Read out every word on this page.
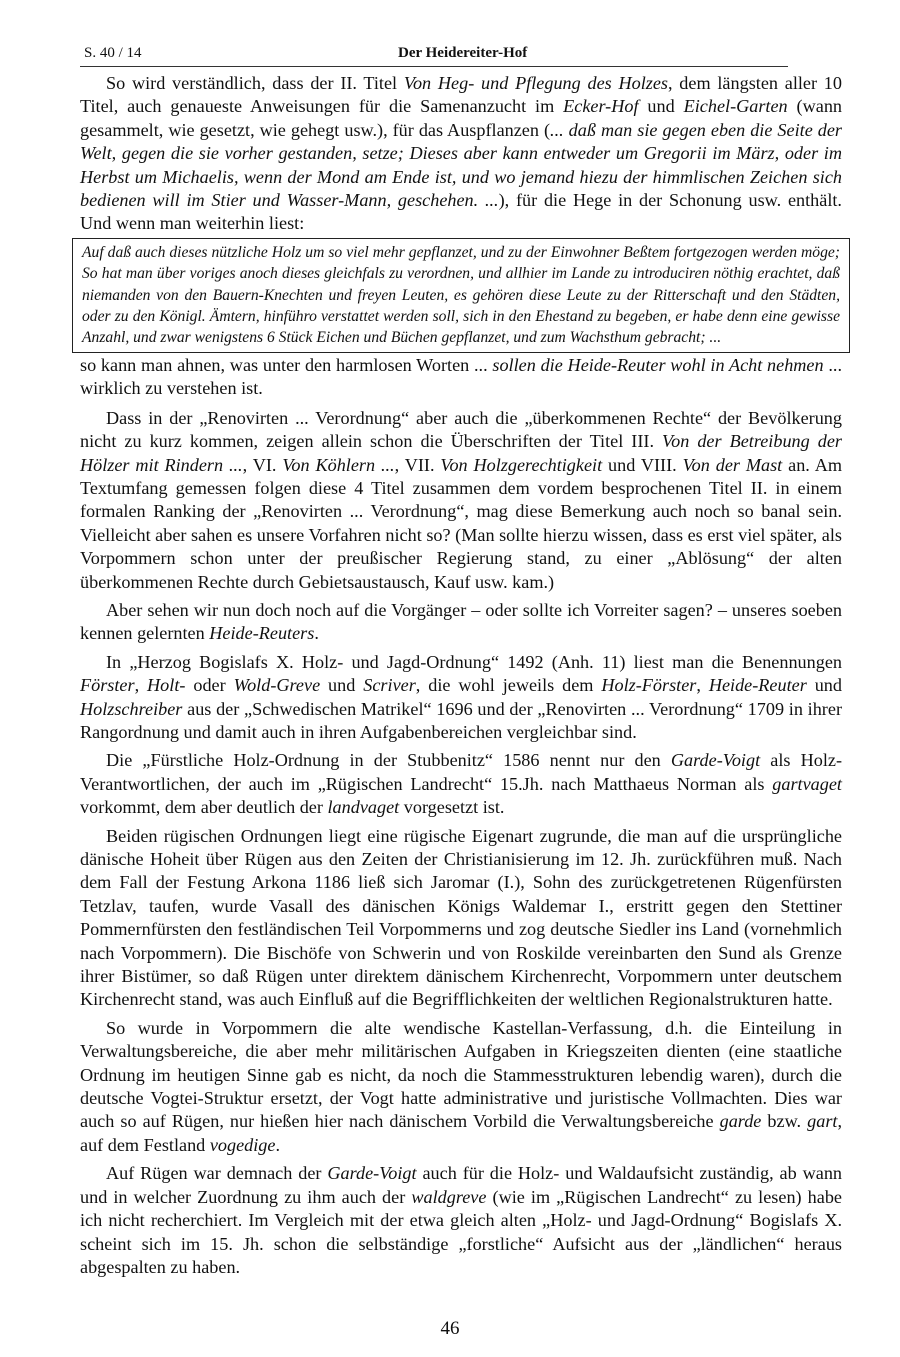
S. 40 / 14	Der Heidereiter-Hof

So wird verständlich, dass der II. Titel Von Heg- und Pflegung des Holzes, dem längsten aller 10 Titel, auch genaueste Anweisungen für die Samenanzucht im Ecker-Hof und Eichel-Garten (wann gesammelt, wie gesetzt, wie gehegt usw.), für das Auspflanzen (... daß man sie gegen eben die Seite der Welt, gegen die sie vorher gestanden, setze; Dieses aber kann entweder um Gregorii im März, oder im Herbst um Michaelis, wenn der Mond am Ende ist, und wo jemand hiezu der himmlischen Zeichen sich bedienen will im Stier und Wasser-Mann, geschehen. ...), für die Hege in der Schonung usw. enthält. Und wenn man weiterhin liest:

Auf daß auch dieses nützliche Holz um so viel mehr gepflanzet, und zu der Einwohner Beßtem fortgezogen werden möge; So hat man über voriges anoch dieses gleichfals zu verordnen, und allhier im Lande zu introduciren nöthig erachtet, daß niemanden von den Bauern-Knechten und freyen Leuten, es gehören diese Leute zu der Ritterschaft und den Städten, oder zu den Königl. Ämtern, hinführo verstattet werden soll, sich in den Ehestand zu begeben, er habe denn eine gewisse Anzahl, und zwar wenigstens 6 Stück Eichen und Büchen gepflanzet, und zum Wachsthum gebracht; ...

so kann man ahnen, was unter den harmlosen Worten ... sollen die Heide-Reuter wohl in Acht nehmen ... wirklich zu verstehen ist.

Dass in der „Renovirten ... Verordnung“ aber auch die „überkommenen Rechte“ der Bevölkerung nicht zu kurz kommen, zeigen allein schon die Überschriften der Titel III. Von der Betreibung der Hölzer mit Rindern ..., VI. Von Köhlern ..., VII. Von Holzgerechtigkeit und VIII. Von der Mast an. Am Textumfang gemessen folgen diese 4 Titel zusammen dem vordem besprochenen Titel II. in einem formalen Ranking der „Renovirten ... Verordnung“, mag diese Bemerkung auch noch so banal sein. Vielleicht aber sahen es unsere Vorfahren nicht so? (Man sollte hierzu wissen, dass es erst viel später, als Vorpommern schon unter der preußischer Regierung stand, zu einer „Ablösung“ der alten überkommenen Rechte durch Gebietsaustausch, Kauf usw. kam.)

Aber sehen wir nun doch noch auf die Vorgänger – oder sollte ich Vorreiter sagen? – unseres soeben kennen gelernten Heide-Reuters.

In „Herzog Bogislafs X. Holz- und Jagd-Ordnung“ 1492 (Anh. 11) liest man die Benennungen Förster, Holt- oder Wold-Greve und Scriver, die wohl jeweils dem Holz-Förster, Heide-Reuter und Holzschreiber aus der „Schwedischen Matrikel“ 1696 und der „Renovirten ... Verordnung“ 1709 in ihrer Rangordnung und damit auch in ihren Aufgabenbereichen vergleichbar sind.

Die „Fürstliche Holz-Ordnung in der Stubbenitz“ 1586 nennt nur den Garde-Voigt als Holz-Verantwortlichen, der auch im „Rügischen Landrecht“ 15.Jh. nach Matthaeus Norman als gartvaget vorkommt, dem aber deutlich der landvaget vorgesetzt ist.

Beiden rügischen Ordnungen liegt eine rügische Eigenart zugrunde, die man auf die ursprüngliche dänische Hoheit über Rügen aus den Zeiten der Christianisierung im 12. Jh. zurückführen muß. Nach dem Fall der Festung Arkona 1186 ließ sich Jaromar (I.), Sohn des zurückgetretenen Rügenfürsten Tetzlav, taufen, wurde Vasall des dänischen Königs Waldemar I., erstritt gegen den Stettiner Pommernfürsten den festländischen Teil Vorpommerns und zog deutsche Siedler ins Land (vornehmlich nach Vorpommern). Die Bischöfe von Schwerin und von Roskilde vereinbarten den Sund als Grenze ihrer Bistümer, so daß Rügen unter direktem dänischem Kirchenrecht, Vorpommern unter deutschem Kirchenrecht stand, was auch Einfluß auf die Begrifflichkeiten der weltlichen Regionalstrukturen hatte.

So wurde in Vorpommern die alte wendische Kastellan-Verfassung, d.h. die Einteilung in Verwaltungsbereiche, die aber mehr militärischen Aufgaben in Kriegszeiten dienten (eine staatliche Ordnung im heutigen Sinne gab es nicht, da noch die Stammesstrukturen lebendig waren), durch die deutsche Vogtei-Struktur ersetzt, der Vogt hatte administrative und juristische Vollmachten. Dies war auch so auf Rügen, nur hießen hier nach dänischem Vorbild die Verwaltungsbereiche garde bzw. gart, auf dem Festland vogedige.

Auf Rügen war demnach der Garde-Voigt auch für die Holz- und Waldaufsicht zuständig, ab wann und in welcher Zuordnung zu ihm auch der waldgreve (wie im „Rügischen Landrecht“ zu lesen) habe ich nicht recherchiert. Im Vergleich mit der etwa gleich alten „Holz- und Jagd-Ordnung“ Bogislafs X. scheint sich im 15. Jh. schon die selbständige „forstliche“ Aufsicht aus der „ländlichen“ heraus abgespalten zu haben.

46
